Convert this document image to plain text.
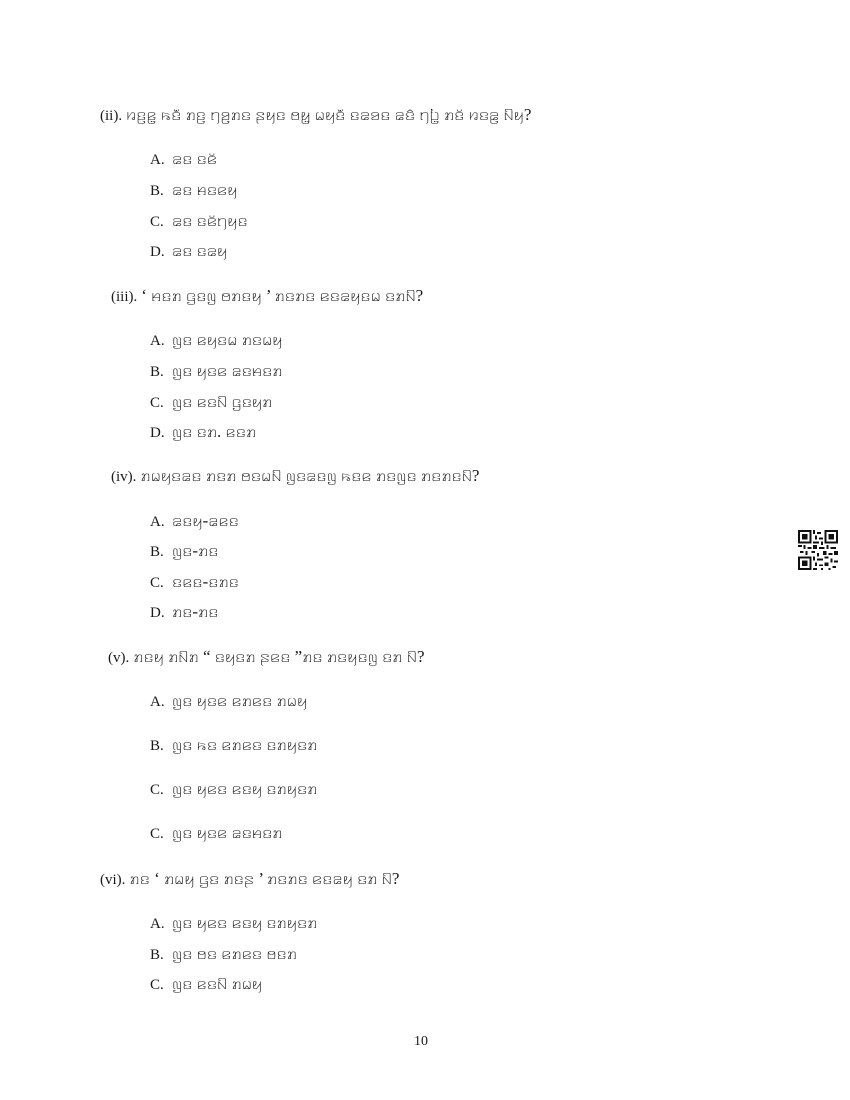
(ii). ꤙꤢ꤬ꤕ꤭ ꤒꤢꤪ ꤊꤢ꤬ ꤚꤤ꤬ꤊꤢ ꤔꤟꤢ ꤥꤟ꤭ ꤗꤟꤢꤪ ꤢꤘꤤꤢ ꤘꤢꤨ ꤚꤝ꤭ ꤊꤢꤩ ꤙꤢꤘ꤬ ꤡꤟ?
A. ꤘꤢ ꤢꤕꤩ
B. ꤘꤢ ꤌꤢꤕꤟ
C. ꤘꤢ ꤢꤕꤩꤚꤟꤢ
D. ꤘꤢ ꤢꤘꤟ
(iii). ‘ ꤌꤢꤊ ꤞꤢꤜ ꤥꤊꤢꤟ ’ ꤊꤢꤊꤢ ꤕꤢꤘꤟꤢꤗ ꤢꤊꤡ?
A. ꤜꤢ ꤕꤟꤢꤗ ꤊꤢꤗꤟ
B. ꤜꤢ ꤟꤢꤕ ꤘꤢꤌꤢꤊ
C. ꤜꤢ ꤕꤢꤡ ꤞꤢꤟꤊ
D. ꤜꤢ ꤢꤊ. ꤕꤢꤊ
(iv). ꤊꤗꤟꤢꤘꤢ ꤊꤢꤊ ꤥꤢꤗꤡ ꤜꤢꤘꤢꤜ ꤒꤢꤕ ꤊꤢꤜꤢ ꤊꤢꤊꤢꤡ?
A. ꤘꤢꤟ-ꤘꤕꤢ
B. ꤜꤢ-ꤊꤢ
C. ꤢꤕꤢ-ꤢꤊꤢ
D. ꤊꤢ-ꤊꤢ
(v). ꤊꤢꤟ ꤊꤡꤊ “ ꤢꤟꤢꤊ ꤔꤕꤢ ”ꤊꤢ ꤊꤢꤟꤢꤜ ꤢꤊ ꤡ?
A. ꤜꤢ ꤟꤢꤕ ꤕꤊꤕꤢ ꤊꤗꤟ
B. ꤜꤢ ꤒꤢ ꤕꤊꤕꤢ ꤢꤊꤟꤢꤊ
C. ꤜꤢ ꤟꤕꤢ ꤕꤢꤟ ꤢꤊꤟꤢꤊ
C. ꤜꤢ ꤟꤢꤕ ꤘꤢꤌꤢꤊ
(vi). ꤊꤢ ‘ ꤊꤗꤟ ꤞꤢ ꤊꤢꤔ ’ ꤊꤢꤊꤢ ꤕꤢꤘꤟ ꤢꤊ ꤡ?
A. ꤜꤢ ꤟꤕꤢ ꤕꤢꤟ ꤢꤊꤟꤢꤊ
B. ꤜꤢ ꤥꤢ ꤕꤊꤕꤢ ꤥꤢꤊ
C. ꤜꤢ ꤕꤢꤡ ꤊꤗꤟ
10
